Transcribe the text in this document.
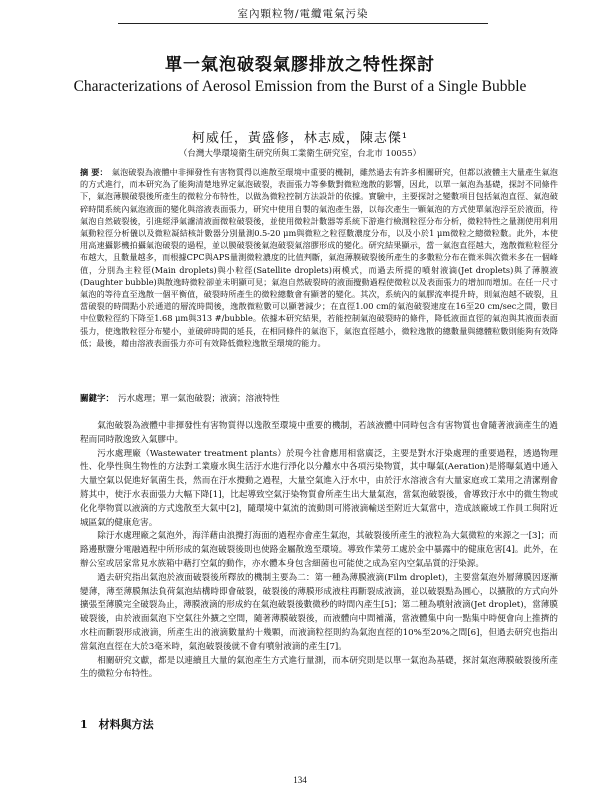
室內顆粒物/電纜電氣污染
單一氣泡破裂氣膠排放之特性探討
Characterizations of Aerosol Emission from the Burst of a Single Bubble
柯威任，黃盛修，林志威，陳志傑¹
（台灣大學環境衛生研究所與工業衛生研究室，台北市 10055）
摘 要： 氣泡破裂為液體中非揮發性有害物質得以進散至環境中重要的機制，雖然過去有許多相關研究，但都以液體主大量產生氣泡的方式進行，而本研究為了能夠清楚地界定氣泡破裂，表面張力等參數對微粒逸散的影響，因此，以單一氣泡為基礎，探討不同條件下，氣泡薄膜破裂後所產生的微粒分布特性，以做為微粒控制方法設計的依據。實驗中，主要探討之變數項目包括氣泡直徑、氣泡破碎時間系統內氣泡液面的變化與溶液表面張力，研究中使用自製的氣泡產生器，以每次產生一顆氣泡的方式使單氣泡浮至於液面，待氣泡自然破裂後，引進經淨氣濾清液面微粒破裂後，並使用微粒計數器等系統下游進行檢測粒徑分布分析，微粒特性之量測使用利用氣動粒徑分析儀以及微粒凝結核計數器分別量測0.5-20 μm與微粒之粒徑數濃度分布，以及小於1 μm微粒之總微粒數。此外，本使用高速攝影機拍攝氣泡破裂的過程，並以膜破裂後氣泡破裂氣溶膠形成的變化。研究結果顯示，當一氣泡直徑越大，逸散微粒粒徑分布越大，且數量越多，而根據CPC與APS量測微粒濃度的比值判斷，氣泡薄膜破裂後所產生的多數粒分布在微米與次微米多在一個峰值，分別為主粒徑(Main droplets)與小粒徑(Satellite droplets)兩模式，而過去所提的噴射液滴(Jet droplets)與了薄膜液(Daughter bubble)與散逸時微粒卻並未明顯可見；氣泡自然破裂時的液面攪動過程使微粒以及表面張力的增加而增加。在任一尺寸氣泡的等待直至逸散一個平衡值，破裂時所產生的微粒總數會有顯著的變化。其次，系統內的氣膠流率提升時，則氣泡越不破裂，且當破裂的時間點小於通道的層流時間後，逸散微粒數可以顯著減少；在直徑1.00 cm的氣泡破裂速度在16至20 cm/sec之間，數目中位數粒徑約下降至1.68 μm與313 #/bubble。依據本研究結果，若能控制氣泡破裂時的條件，降低液面直徑的氣泡與其液面表面張力，使逸散粒徑分布變小，並破碎時間的延長，在相同條件的氣泡下，氣泡直徑越小，微粒逸散的總數量與總體粒數則能夠有效降低；最後，藉由溶液表面張力亦可有效降低微粒逸散至環境的能力。
關鍵字： 污水處理；單一氣泡破裂；液滴；溶液特性

氣泡破裂為液體中非揮發性有害物質得以逸散至環境中重要的機制，若該液體中同時包含有害物質也會隨著液滴產生的過程而同時散逸致入氣膠中。

污水處理廠（Wastewater treatment plants）於現今社會應用相當廣泛，主要是對水汙染處理的重要過程，透過物理性、化學性與生物性的方法對工業廢水與生活汙水進行淨化以分離水中各項污染物質，其中曝氣(Aeration)是將曝氣過中通入大量空氣以促進好氧菌生長，然而在汙水攪動之過程，大量空氣進入汙水中，由於汙水溶液含有大量家庭或工業用之清潔劑會將其中，使汙水表面張力大幅下降[1]，比起導致空氣汙染物質會所產生出大量氣泡，當氣泡破裂後，會導致汙水中的微生物或化化學物質以液滴的方式逸散至大氣中[2]，隨環境中氣流的流動則可將液滴輸送至附近大氣當中，造成該廠域工作員工與附近城區氣的健康危害。

除汙水處理廠之氣泡外，海洋藉由浪攪打海面的過程亦會產生氣泡，其破裂後所產生的液粒為大氣微粒的來源之一[3]；而路邊獸鹽分電融過程中所形成的氣泡破裂後則也使路金屬散逸至環境。導致作業勞工處於金中暴露中的健康危害[4]。此外，在辦公室或居家常見水族箱中藉打空氣的動作，亦水體本身包含細菌也可能使之成為室內空氣品質的汙染源。

過去研究指出氣泡於液面破裂後所釋放的機制主要為二：第一種為薄膜液滴(Film droplet)，主要當氣泡外層薄膜因逐漸變薄，薄至薄膜無法負荷氣泡結構時即會破裂，破裂後的薄膜形成液柱再斷裂成液滴，並以破裂點為圓心，以擴散的方式向外擴張至薄膜完全破裂為止，薄膜液滴的形成約在氣泡破裂後數微秒的時間內產生[5]；第二種為噴射液滴(Jet droplet)，當薄膜破裂後，由於液面氣泡下空氣往外擴之空間，隨著薄膜破裂後，而液體向中間補滿，當液體集中向一點集中時便會向上推擠的水柱而斷裂形成液滴，所產生出的液滴數量約十幾顆，而液滴粒徑則約為氣泡直徑的10%至20%之間[6]，但過去研究也指出當氣泡直徑在大於3毫米時，氣泡破裂後就不會有噴射液滴的產生[7]。

相關研究文獻，都是以連續且大量的氣泡產生方式進行量測，而本研究則是以單一氣泡為基礎，探討氣泡薄膜破裂後所產生的微粒分布特性。

1　材料與方法
134
